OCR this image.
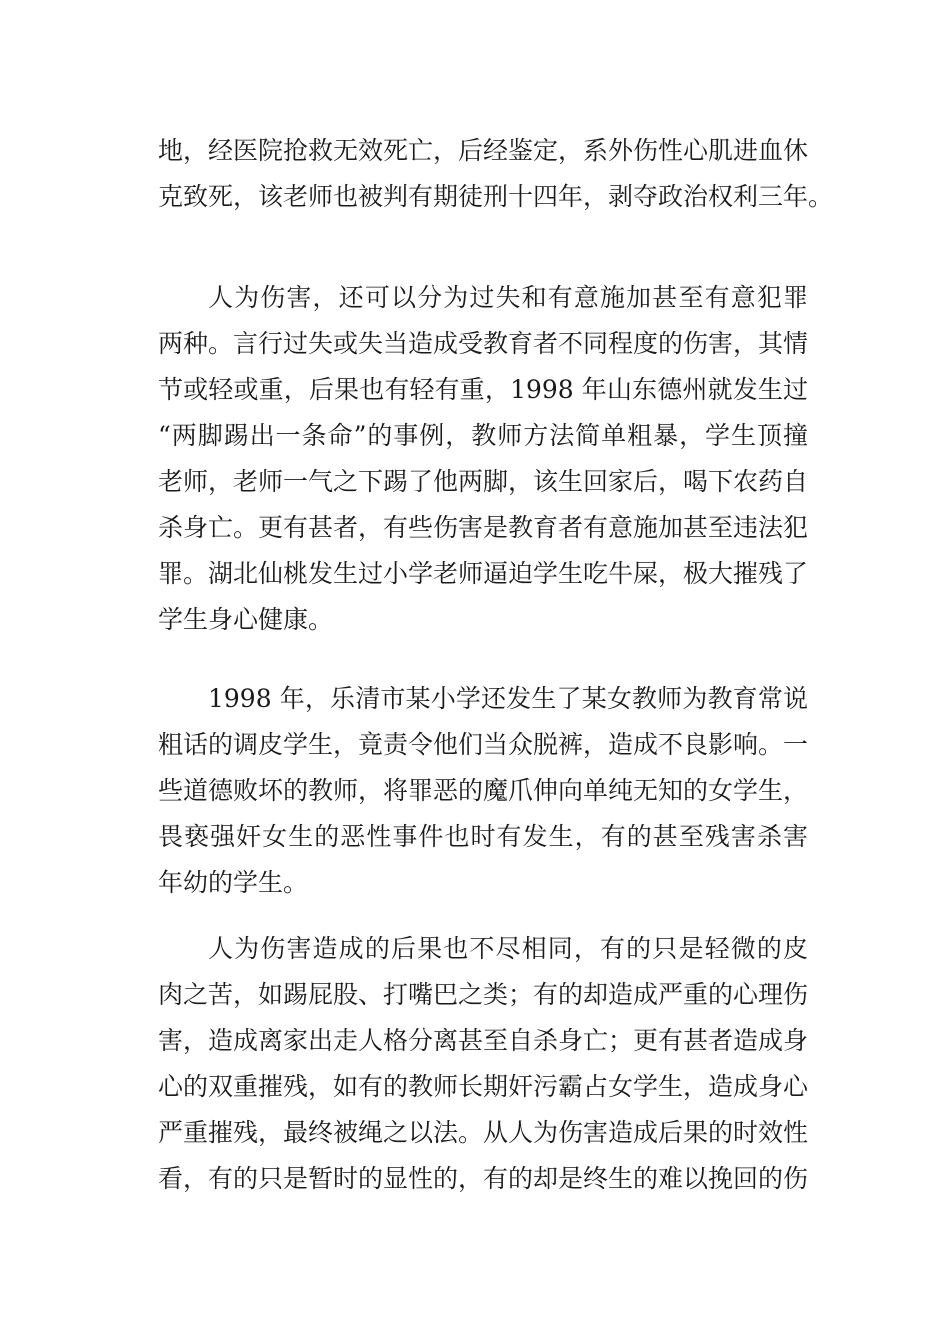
地，经医院抢救无效死亡，后经鉴定，系外伤性心肌进血休
克致死，该老师也被判有期徒刑十四年，剥夺政治权利三年。

人为伤害，还可以分为过失和有意施加甚至有意犯罪
两种。言行过失或失当造成受教育者不同程度的伤害，其情
节或轻或重，后果也有轻有重，1998 年山东德州就发生过
“两脚踢出一条命”的事例，教师方法简单粗暴，学生顶撞
老师，老师一气之下踢了他两脚，该生回家后，喝下农药自
杀身亡。更有甚者，有些伤害是教育者有意施加甚至违法犯
罪。湖北仙桃发生过小学老师逼迫学生吃牛屎，极大摧残了
学生身心健康。

1998 年，乐清市某小学还发生了某女教师为教育常说
粗话的调皮学生，竟责令他们当众脱裤，造成不良影响。一
些道德败坏的教师，将罪恶的魔爪伸向单纯无知的女学生，
畏亵强奸女生的恶性事件也时有发生，有的甚至残害杀害
年幼的学生。

人为伤害造成的后果也不尽相同，有的只是轻微的皮
肉之苦，如踢屁股、打嘴巴之类；有的却造成严重的心理伤
害，造成离家出走人格分离甚至自杀身亡；更有甚者造成身
心的双重摧残，如有的教师长期奸污霸占女学生，造成身心
严重摧残，最终被绳之以法。从人为伤害造成后果的时效性
看，有的只是暂时的显性的，有的却是终生的难以挽回的伤
